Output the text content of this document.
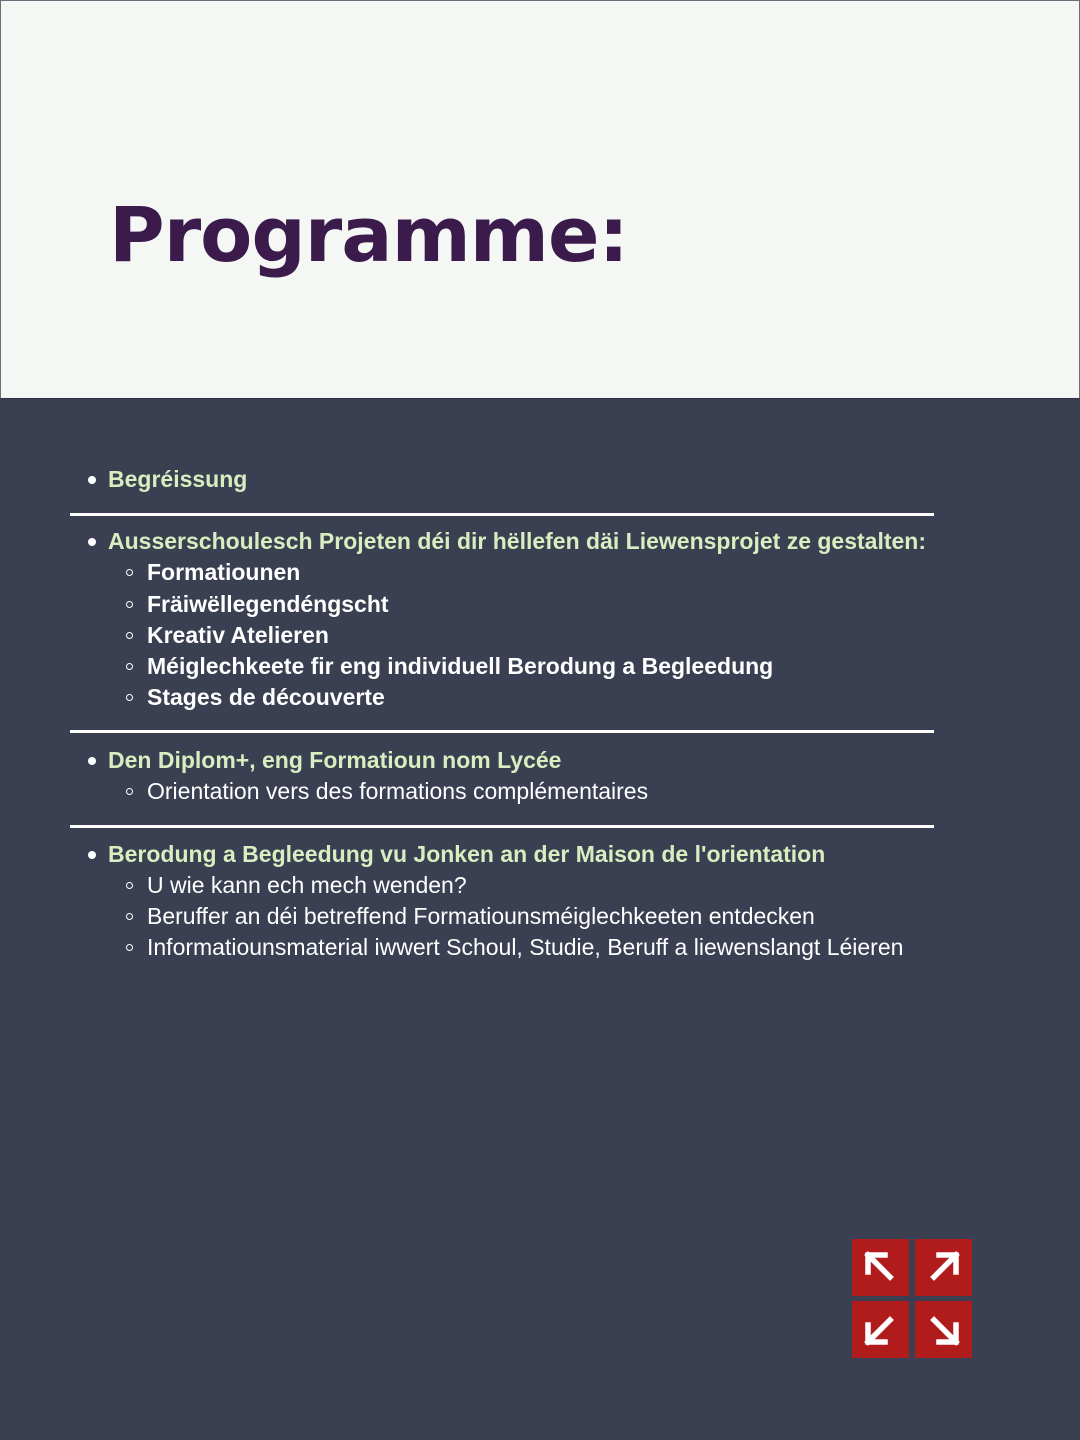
Programme:
Begréissung
Ausserschoulesch Projeten déi dir hëllefen däi Liewensprojet ze gestalten:
Formatiounen
Fräiwëllegendéngscht
Kreativ Atelieren
Méiglechkeete fir eng individuell Berodung a Begleedung
Stages de découverte
Den Diplom+, eng Formatioun nom Lycée
Orientation vers des formations complémentaires
Berodung a Begleedung vu Jonken an der Maison de l'orientation
U wie kann ech mech wenden?
Beruffer an déi betreffend Formatiounsméiglechkeeten entdecken
Informatiounsmaterial iwwert Schoul, Studie, Beruff a liewenslangt Léieren
